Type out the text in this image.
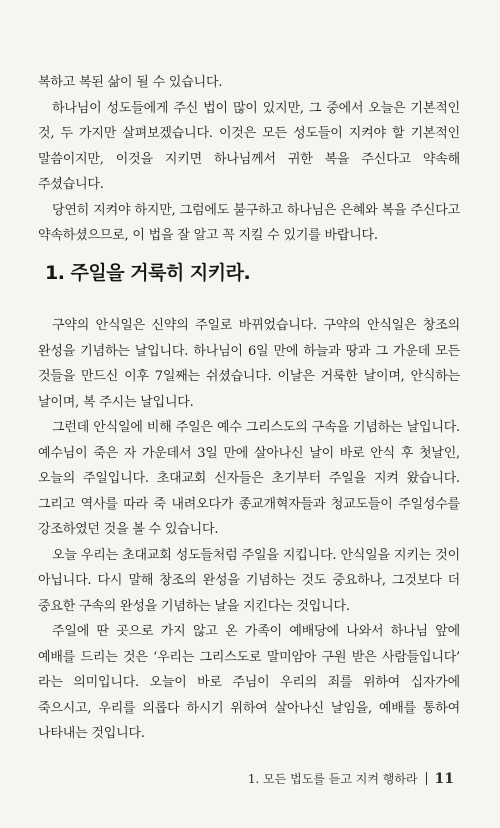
복하고 복된 삶이 될 수 있습니다.

하나님이 성도들에게 주신 법이 많이 있지만, 그 중에서 오늘은 기본적인 것, 두 가지만 살펴보겠습니다. 이것은 모든 성도들이 지켜야 할 기본적인 말씀이지만, 이것을 지키면 하나님께서 귀한 복을 주신다고 약속해 주셨습니다.

당연히 지켜야 하지만, 그럼에도 불구하고 하나님은 은혜와 복을 주신다고 약속하셨으므로, 이 법을 잘 알고 꼭 지킬 수 있기를 바랍니다.

1. 주일을 거룩히 지키라.

구약의 안식일은 신약의 주일로 바뀌었습니다. 구약의 안식일은 창조의 완성을 기념하는 날입니다. 하나님이 6일 만에 하늘과 땅과 그 가운데 모든 것들을 만드신 이후 7일째는 쉬셨습니다. 이날은 거룩한 날이며, 안식하는 날이며, 복 주시는 날입니다.

그런데 안식일에 비해 주일은 예수 그리스도의 구속을 기념하는 날입니다. 예수님이 죽은 자 가운데서 3일 만에 살아나신 날이 바로 안식 후 첫날인, 오늘의 주일입니다. 초대교회 신자들은 초기부터 주일을 지켜 왔습니다. 그리고 역사를 따라 죽 내려오다가 종교개혁자들과 청교도들이 주일성수를 강조하였던 것을 볼 수 있습니다.

오늘 우리는 초대교회 성도들처럼 주일을 지킵니다. 안식일을 지키는 것이 아닙니다. 다시 말해 창조의 완성을 기념하는 것도 중요하나, 그것보다 더 중요한 구속의 완성을 기념하는 날을 지킨다는 것입니다.

주일에 딴 곳으로 가지 않고 온 가족이 예배당에 나와서 하나님 앞에 예배를 드리는 것은 ‘우리는 그리스도로 말미암아 구원 받은 사람들입니다’ 라는 의미입니다. 오늘이 바로 주님이 우리의 죄를 위하여 십자가에 죽으시고, 우리를 의롭다 하시기 위하여 살아나신 날임을, 예배를 통하여 나타내는 것입니다.

1. 모든 법도를 듣고 지켜 행하라 11
